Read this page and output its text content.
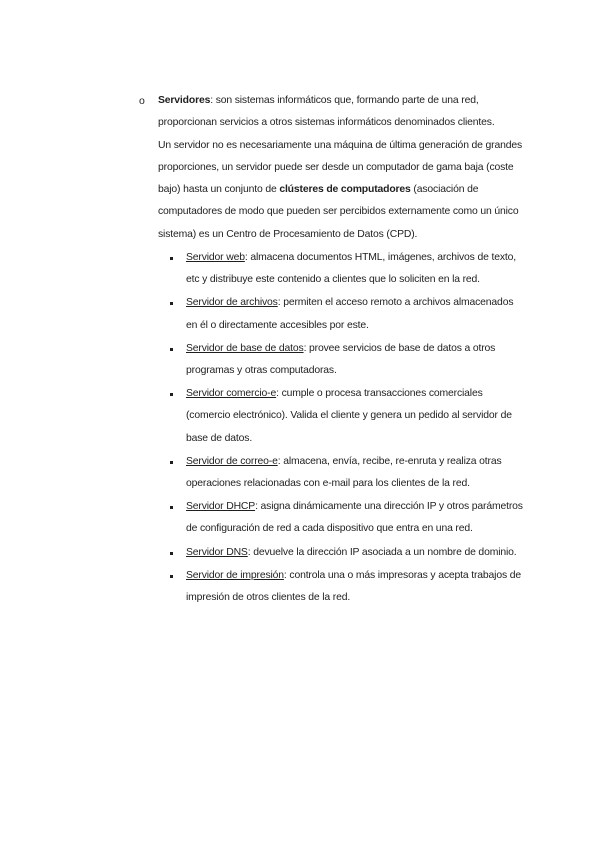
o Servidores: son sistemas informáticos que, formando parte de una red, proporcionan servicios a otros sistemas informáticos denominados clientes.

Un servidor no es necesariamente una máquina de última generación de grandes proporciones, un servidor puede ser desde un computador de gama baja (coste bajo) hasta un conjunto de clústeres de computadores (asociación de computadores de modo que pueden ser percibidos externamente como un único sistema) es un Centro de Procesamiento de Datos (CPD).

Servidor web: almacena documentos HTML, imágenes, archivos de texto, etc y distribuye este contenido a clientes que lo soliciten en la red.
Servidor de archivos: permiten el acceso remoto a archivos almacenados en él o directamente accesibles por este.
Servidor de base de datos: provee servicios de base de datos a otros programas y otras computadoras.
Servidor comercio-e: cumple o procesa transacciones comerciales (comercio electrónico). Valida el cliente y genera un pedido al servidor de base de datos.
Servidor de correo-e: almacena, envía, recibe, re-enruta y realiza otras operaciones relacionadas con e-mail para los clientes de la red.
Servidor DHCP: asigna dinámicamente una dirección IP y otros parámetros de configuración de red a cada dispositivo que entra en una red.
Servidor DNS: devuelve la dirección IP asociada a un nombre de dominio.
Servidor de impresión: controla una o más impresoras y acepta trabajos de impresión de otros clientes de la red.
